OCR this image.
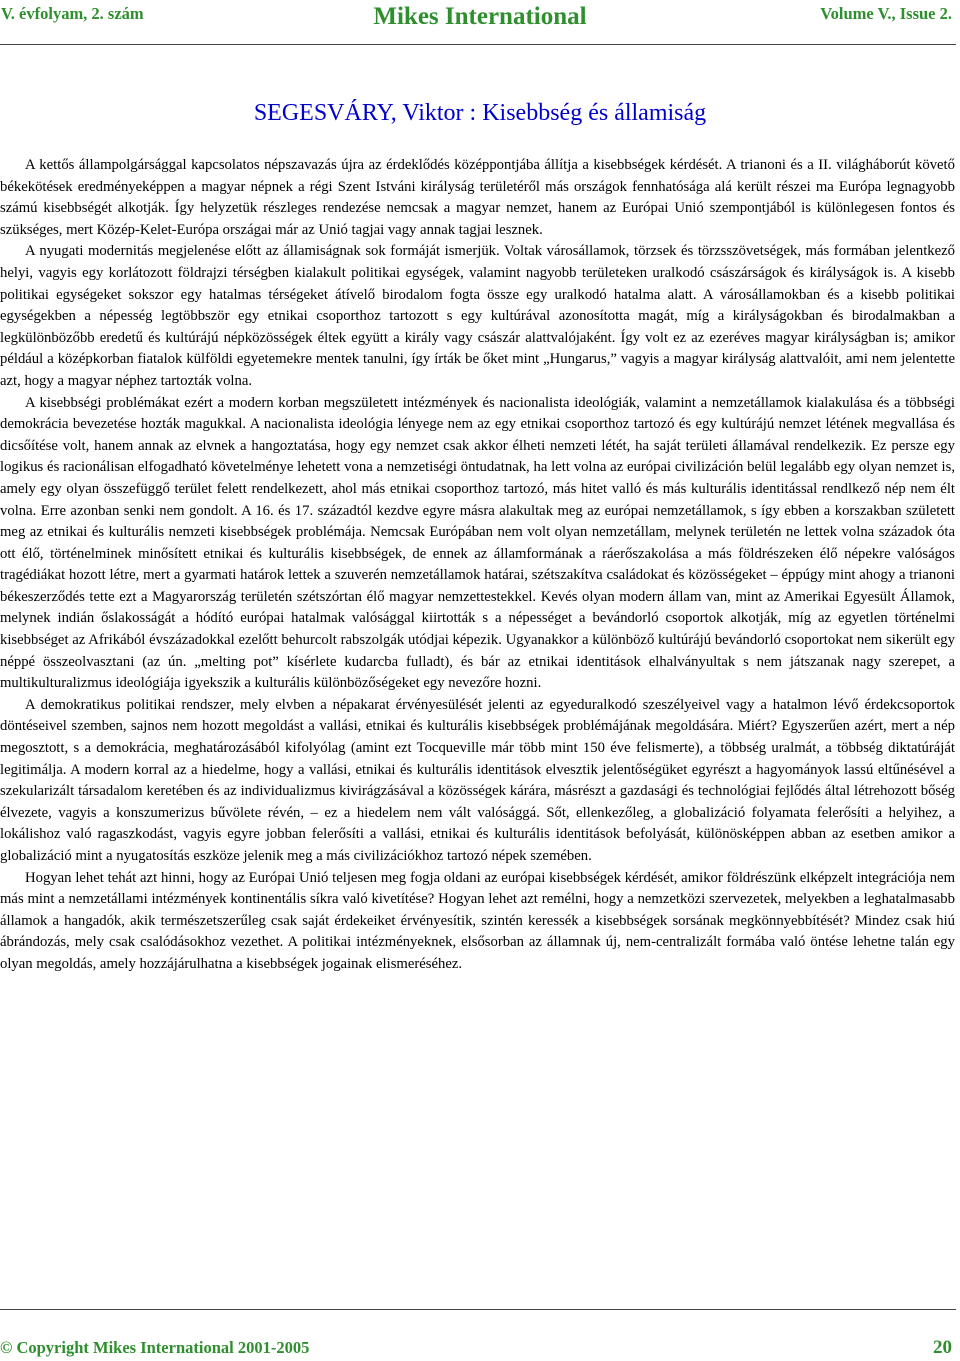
V. évfolyam, 2. szám	Mikes International	Volume V., Issue 2.
SEGESVÁRY, Viktor : Kisebbség és államiság

A kettős állampolgársággal kapcsolatos népszavazás újra az érdeklődés középpontjába állítja a kisebbségek kérdését. A trianoni és a II. világháborút követő békekötések eredményeképpen a magyar népnek a régi Szent Istváni királyság területéről más országok fennhatósága alá került részei ma Európa legnagyobb számú kisebbségét alkotják. Így helyzetük részleges rendezése nemcsak a magyar nemzet, hanem az Európai Unió szempontjából is különlegesen fontos és szükséges, mert Közép-Kelet-Európa országai már az Unió tagjai vagy annak tagjai lesznek.

A nyugati modernitás megjelenése előtt az államiságnak sok formáját ismerjük. Voltak városállamok, törzsek és törzsszövetségek, más formában jelentkező helyi, vagyis egy korlátozott földrajzi térségben kialakult politikai egységek, valamint nagyobb területeken uralkodó császárságok és királyságok is. A kisebb politikai egységeket sokszor egy hatalmas térségeket átívelő birodalom fogta össze egy uralkodó hatalma alatt. A városállamokban és a kisebb politikai egységekben a népesség legtöbbször egy etnikai csoporthoz tartozott s egy kultúrával azonosította magát, míg a királyságokban és birodalmakban a legkülönbözőbb eredetű és kultúrájú népközösségek éltek együtt a király vagy császár alattvalójaként. Így volt ez az ezeréves magyar királyságban is; amikor például a középkorban fiatalok külföldi egyetemekre mentek tanulni, így írták be őket mint „Hungarus,” vagyis a magyar királyság alattvalóit, ami nem jelentette azt, hogy a magyar néphez tartozták volna.

A kisebbségi problémákat ezért a modern korban megszületett intézmények és nacionalista ideológiák, valamint a nemzetállamok kialakulása és a többségi demokrácia bevezetése hozták magukkal. A nacionalista ideológia lényege nem az egy etnikai csoporthoz tartozó és egy kultúrájú nemzet létének megvallása és dicsőítése volt, hanem annak az elvnek a hangoztatása, hogy egy nemzet csak akkor élheti nemzeti létét, ha saját területi államával rendelkezik. Ez persze egy logikus és racionálisan elfogadható követelménye lehetett vona a nemzetiségi öntudatnak, ha lett volna az európai civilizáción belül legalább egy olyan nemzet is, amely egy olyan összefüggő terület felett rendelkezett, ahol más etnikai csoporthoz tartozó, más hitet valló és más kulturális identitással rendlkező nép nem élt volna. Erre azonban senki nem gondolt. A 16. és 17. századtól kezdve egyre másra alakultak meg az európai nemzetállamok, s így ebben a korszakban született meg az etnikai és kulturális nemzeti kisebbségek problémája. Nemcsak Európában nem volt olyan nemzetállam, melynek területén ne lettek volna századok óta ott élő, történelminek minősített etnikai és kulturális kisebbségek, de ennek az államformának a ráerőszakolása a más földrészeken élő népekre valóságos tragédiákat hozott létre, mert a gyarmati határok lettek a szuverén nemzetállamok határai, szétszakítva családokat és közösségeket – éppúgy mint ahogy a trianoni békeszerződés tette ezt a Magyarország területén szétszórtan élő magyar nemzettestekkel. Kevés olyan modern állam van, mint az Amerikai Egyesült Államok, melynek indián őslakosságát a hódító európai hatalmak valósággal kiirtották s a népességet a bevándorló csoportok alkotják, míg az egyetlen történelmi kisebbséget az Afrikából évszázadokkal ezelőtt behurcolt rabszolgák utódjai képezik. Ugyanakkor a különböző kultúrájú bevándorló csoportokat nem sikerült egy néppé összeolvasztani (az ún. „melting pot” kísérlete kudarcba fulladt), és bár az etnikai identitások elhalványultak s nem játszanak nagy szerepet, a multikulturalizmus ideológiája igyekszik a kulturális különbözőségeket egy nevezőre hozni.

A demokratikus politikai rendszer, mely elvben a népakarat érvényesülését jelenti az egyeduralkodó szeszélyeivel vagy a hatalmon lévő érdekcsoportok döntéseivel szemben, sajnos nem hozott megoldást a vallási, etnikai és kulturális kisebbségek problémájának megoldására. Miért? Egyszerűen azért, mert a nép megosztott, s a demokrácia, meghatározásából kifolyólag (amint ezt Tocqueville már több mint 150 éve felismerte), a többség uralmát, a többség diktatúráját legitimálja. A modern korral az a hiedelme, hogy a vallási, etnikai és kulturális identitások elvesztik jelentőségüket egyrészt a hagyományok lassú eltűnésével a szekularizált társadalom keretében és az individualizmus kivirágzásával a közösségek kárára, másrészt a gazdasági és technológiai fejlődés által létrehozott bőség élvezete, vagyis a konszumerizus bűvölete révén, – ez a hiedelem nem vált valósággá. Sőt, ellenkezőleg, a globalizáció folyamata felerősíti a helyihez, a lokálishoz való ragaszkodást, vagyis egyre jobban felerősíti a vallási, etnikai és kulturális identitások befolyását, különösképpen abban az esetben amikor a globalizáció mint a nyugatosítás eszköze jelenik meg a más civilizációkhoz tartozó népek szemében.

Hogyan lehet tehát azt hinni, hogy az Európai Unió teljesen meg fogja oldani az európai kisebbségek kérdését, amikor földrészünk elképzelt integrációja nem más mint a nemzetállami intézmények kontinentális síkra való kivetítése? Hogyan lehet azt remélni, hogy a nemzetközi szervezetek, melyekben a leghatalmasabb államok a hangadók, akik természetszerűleg csak saját érdekeiket érvényesítik, szintén keressék a kisebbségek sorsának megkönnyebbítését? Mindez csak hiú ábrándozás, mely csak csalódásokhoz vezethet. A politikai intézményeknek, elsősorban az államnak új, nem-centralizált formába való öntése lehetne talán egy olyan megoldás, amely hozzájárulhatna a kisebbségek jogainak elismeréséhez.

© Copyright Mikes International 2001-2005	20
